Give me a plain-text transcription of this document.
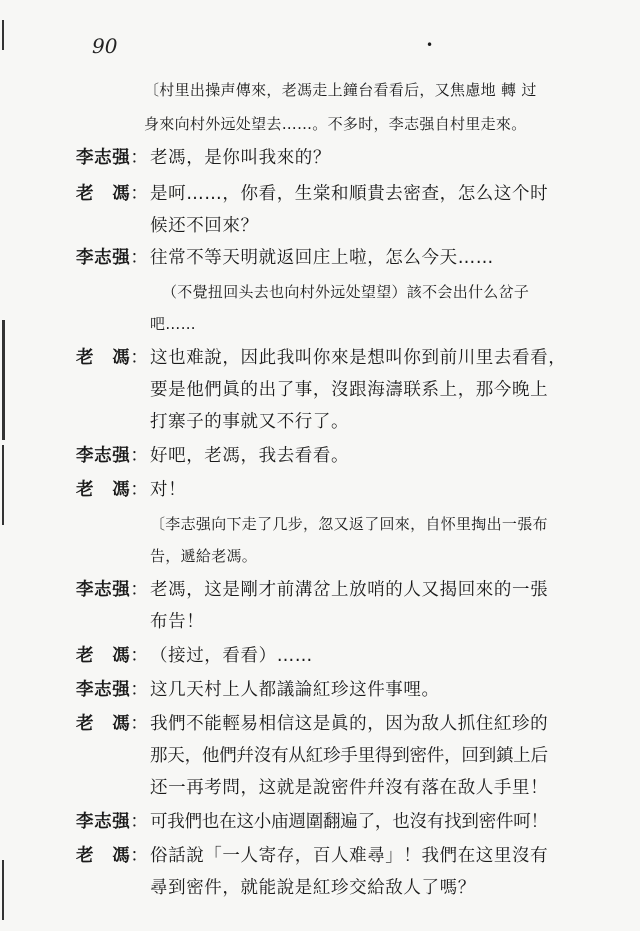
90	•
〔村里出操声傳來，老馮走上鐘台看看后，又焦慮地 轉 过
身來向村外远处望去……。不多时，李志强自村里走來。
李志强： 老馮，是你叫我來的？
老　馮： 是呵……，你看，生棠和順貴去密查，怎么这个时
候还不回來？
李志强： 往常不等天明就返回庄上啦，怎么今天……
（不覺扭回头去也向村外远处望望）該不会出什么岔子
吧……
老　馮： 这也难說，因此我叫你來是想叫你到前川里去看看，
要是他們眞的出了事，沒跟海濤联系上，那今晚上
打寨子的事就又不行了。
李志强： 好吧，老馮，我去看看。
老　馮： 对！
〔李志强向下走了几步，忽又返了回來，自怀里掏出一張布
告，遞給老馮。
李志强： 老馮，这是剛才前溝岔上放哨的人又揭回來的一張
布告！
老　馮： （接过，看看）……
李志强： 这几天村上人都議論紅珍这件事哩。
老　馮： 我們不能輕易相信这是眞的，因为敌人抓住紅珍的
那天，他們幷沒有从紅珍手里得到密件，回到鎮上后
还一再考問，这就是說密件幷沒有落在敌人手里！
李志强： 可我們也在这小庙週圍翻遍了，也沒有找到密件呵！
老　馮： 俗話說「一人寄存，百人难尋」！我們在这里沒有
尋到密件，就能說是紅珍交給敌人了嗎？
